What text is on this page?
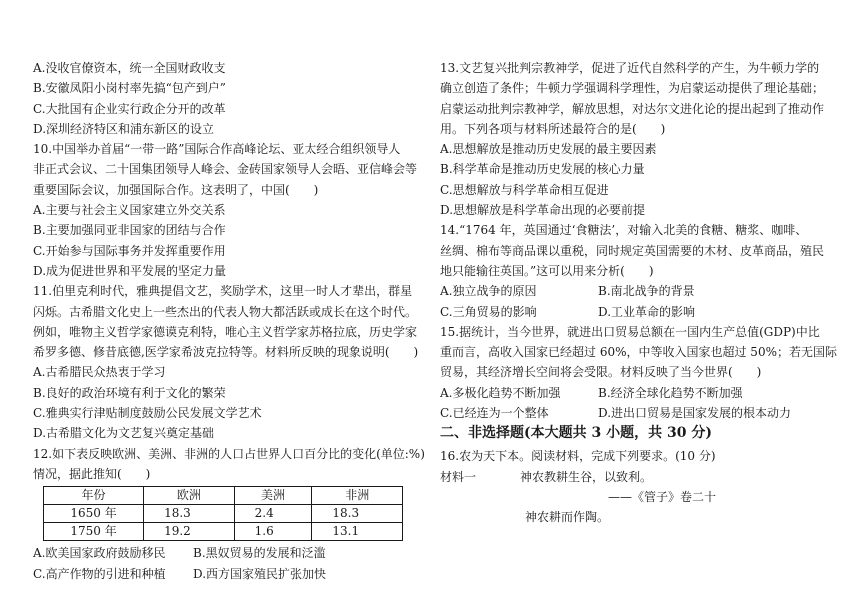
A.没收官僚资本，统一全国财政收支
B.安徽凤阳小岗村率先搞“包产到户”
C.大批国有企业实行政企分开的改革
D.深圳经济特区和浦东新区的设立
10.中国举办首届“一带一路”国际合作高峰论坛、亚太经合组织领导人
非正式会议、二十国集团领导人峰会、金砖国家领导人会晤、亚信峰会等
重要国际会议，加强国际合作。这表明了，中国(　　)
A.主要与社会主义国家建立外交关系
B.主要加强同亚非国家的团结与合作
C.开始参与国际事务并发挥重要作用
D.成为促进世界和平发展的坚定力量
11.伯里克利时代，雅典提倡文艺，奖励学术，这里一时人才辈出，群星
闪烁。古希腊文化史上一些杰出的代表人物大都活跃或成长在这个时代。
例如，唯物主义哲学家德谟克利特，唯心主义哲学家苏格拉底，历史学家
希罗多德、修昔底德,医学家希波克拉特等。材料所反映的现象说明(　　)
A.古希腊民众热衷于学习
B.良好的政治环境有利于文化的繁荣
C.雅典实行津贴制度鼓励公民发展文学艺术
D.古希腊文化为文艺复兴奠定基础
12.如下表反映欧洲、美洲、非洲的人口占世界人口百分比的变化(单位:%)
情况，据此推知(　　)
年份	欧洲	美洲	非洲
1650 年	18.3	2.4	18.3
1750 年	19.2	1.6	13.1
A.欧美国家政府鼓励移民	B.黑奴贸易的发展和泛滥
C.高产作物的引进和种植	D.西方国家殖民扩张加快
13.文艺复兴批判宗教神学，促进了近代自然科学的产生，为牛顿力学的
确立创造了条件；牛顿力学强调科学理性，为启蒙运动提供了理论基础；
启蒙运动批判宗教神学，解放思想，对达尔文进化论的提出起到了推动作
用。下列各项与材料所述最符合的是(　　)
A.思想解放是推动历史发展的最主要因素
B.科学革命是推动历史发展的核心力量
C.思想解放与科学革命相互促进
D.思想解放是科学革命出现的必要前提
14.“1764 年，英国通过‘食糖法’，对输入北美的食糖、糖浆、咖啡、
丝绸、棉布等商品课以重税，同时规定英国需要的木材、皮革商品，殖民
地只能输往英国。”这可以用来分析(　　)
A.独立战争的原因	B.南北战争的背景
C.三角贸易的影响	D.工业革命的影响
15.据统计，当今世界，就进出口贸易总额在一国内生产总值(GDP)中比
重而言，高收入国家已经超过 60%，中等收入国家也超过 50%；若无国际
贸易，其经济增长空间将会受限。材料反映了当今世界(　　)
A.多极化趋势不断加强	B.经济全球化趋势不断加强
C.已经连为一个整体	D.进出口贸易是国家发展的根本动力
二、非选择题(本大题共 3 小题，共 30 分)
16.农为天下本。阅读材料，完成下列要求。(10 分)
材料一	神农教耕生谷，以致利。
——《管子》卷二十
神农耕而作陶。
